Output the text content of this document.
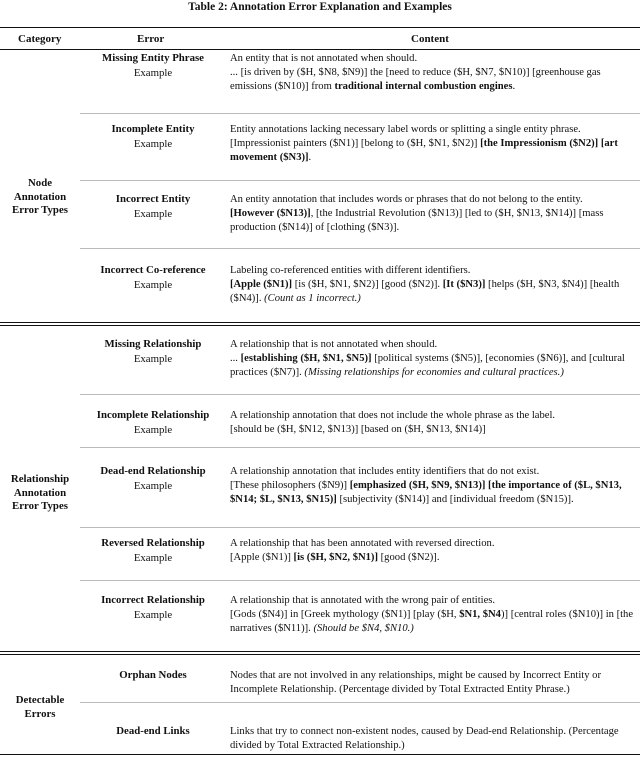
Table 2: Annotation Error Explanation and Examples
Category	Error	Content
Node
Annotation
Error Types
Relationship
Annotation
Error Types
Detectable
Errors
Missing Entity Phrase
Example
Incomplete Entity
Example
Incorrect Entity
Example
Incorrect Co-reference
Example
Missing Relationship
Example
Incomplete Relationship
Example
Dead-end Relationship
Example
Reversed Relationship
Example
Incorrect Relationship
Example
Orphan Nodes
Dead-end Links
An entity that is not annotated when should.
... [is driven by ($H, $N8, $N9)] the [need to reduce ($H, $N7, $N10)] [greenhouse gas emissions ($N10)] from traditional internal combustion engines.
Entity annotations lacking necessary label words or splitting a single entity phrase.
[Impressionist painters ($N1)] [belong to ($H, $N1, $N2)] [the Impressionism ($N2)] [art movement ($N3)].
An entity annotation that includes words or phrases that do not belong to the entity.
[However ($N13)], [the Industrial Revolution ($N13)] [led to ($H, $N13, $N14)] [mass production ($N14)] of [clothing ($N3)].
Labeling co-referenced entities with different identifiers.
[Apple ($N1)] [is ($H, $N1, $N2)] [good ($N2)]. [It ($N3)] [helps ($H, $N3, $N4)] [health ($N4)]. (Count as 1 incorrect.)
A relationship that is not annotated when should.
... [establishing ($H, $N1, $N5)] [political systems ($N5)], [economies ($N6)], and [cultural practices ($N7)]. (Missing relationships for economies and cultural practices.)
A relationship annotation that does not include the whole phrase as the label.
[should be ($H, $N12, $N13)] [based on ($H, $N13, $N14)]
A relationship annotation that includes entity identifiers that do not exist.
[These philosophers ($N9)] [emphasized ($H, $N9, $N13)] [the importance of ($L, $N13, $N14; $L, $N13, $N15)] [subjectivity ($N14)] and [individual freedom ($N15)].
A relationship that has been annotated with reversed direction.
[Apple ($N1)] [is ($H, $N2, $N1)] [good ($N2)].
A relationship that is annotated with the wrong pair of entities.
[Gods ($N4)] in [Greek mythology ($N1)] [play ($H, $N1, $N4)] [central roles ($N10)] in [the narratives ($N11)]. (Should be $N4, $N10.)
Nodes that are not involved in any relationships, might be caused by Incorrect Entity or Incomplete Relationship. (Percentage divided by Total Extracted Entity Phrase.)
Links that try to connect non-existent nodes, caused by Dead-end Relationship. (Percentage divided by Total Extracted Relationship.)
